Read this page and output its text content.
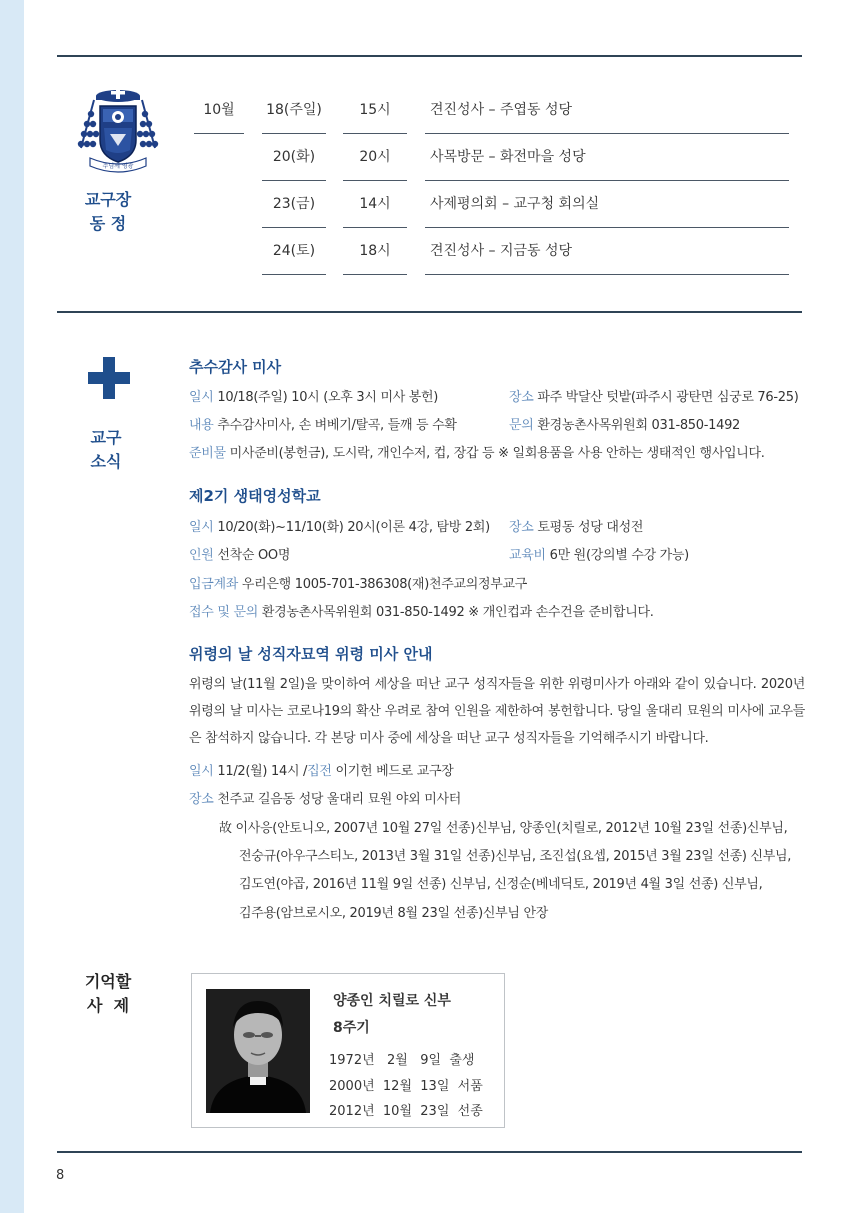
주님께 영광
교구장
동 정
10월	18(주일)	15시	견진성사 – 주엽동 성당
20(화)	20시	사목방문 – 화전마을 성당
23(금)	14시	사제평의회 – 교구청 회의실
24(토)	18시	견진성사 – 지금동 성당
교구
소식
추수감사 미사
일시 10/18(주일) 10시 (오후 3시 미사 봉헌)	장소 파주 박달산 텃밭(파주시 광탄면 심궁로 76-25)
내용 추수감사미사, 손 벼베기/탈곡, 들깨 등 수확	문의 환경농촌사목위원회 031-850-1492
준비물 미사준비(봉헌금), 도시락, 개인수저, 컵, 장갑 등 ※ 일회용품을 사용 안하는 생태적인 행사입니다.
제2기 생태영성학교
일시 10/20(화)~11/10(화) 20시(이론 4강, 탐방 2회) 장소 토평동 성당 대성전
인원 선착순 OO명	교육비 6만 원(강의별 수강 가능)
입금계좌 우리은행 1005-701-386308(재)천주교의정부교구
접수 및 문의 환경농촌사목위원회 031-850-1492 ※ 개인컵과 손수건을 준비합니다.
위령의 날 성직자묘역 위령 미사 안내
위령의 날(11월 2일)을 맞이하여 세상을 떠난 교구 성직자들을 위한 위령미사가 아래와 같이 있습니다. 2020년 위령의 날 미사는 코로나19의 확산 우려로 참여 인원을 제한하여 봉헌합니다. 당일 울대리 묘원의 미사에 교우들은 참석하지 않습니다. 각 본당 미사 중에 세상을 떠난 교구 성직자들을 기억해주시기 바랍니다.
일시 11/2(월) 14시 /집전 이기헌 베드로 교구장
장소 천주교 길음동 성당 울대리 묘원 야외 미사터
故 이사응(안토니오, 2007년 10월 27일 선종)신부님, 양종인(치릴로, 2012년 10월 23일 선종)신부님,
전숭규(아우구스티노, 2013년 3월 31일 선종)신부님, 조진섭(요셉, 2015년 3월 23일 선종) 신부님,
김도연(야곱, 2016년 11월 9일 선종) 신부님, 신정순(베네딕토, 2019년 4월 3일 선종) 신부님,
김주용(암브로시오, 2019년 8월 23일 선종)신부님 안장
기억할
사  제	양종인 치릴로 신부
8주기
1972년   2월   9일  출생
2000년  12월  13일  서품
2012년  10월  23일  선종
8
